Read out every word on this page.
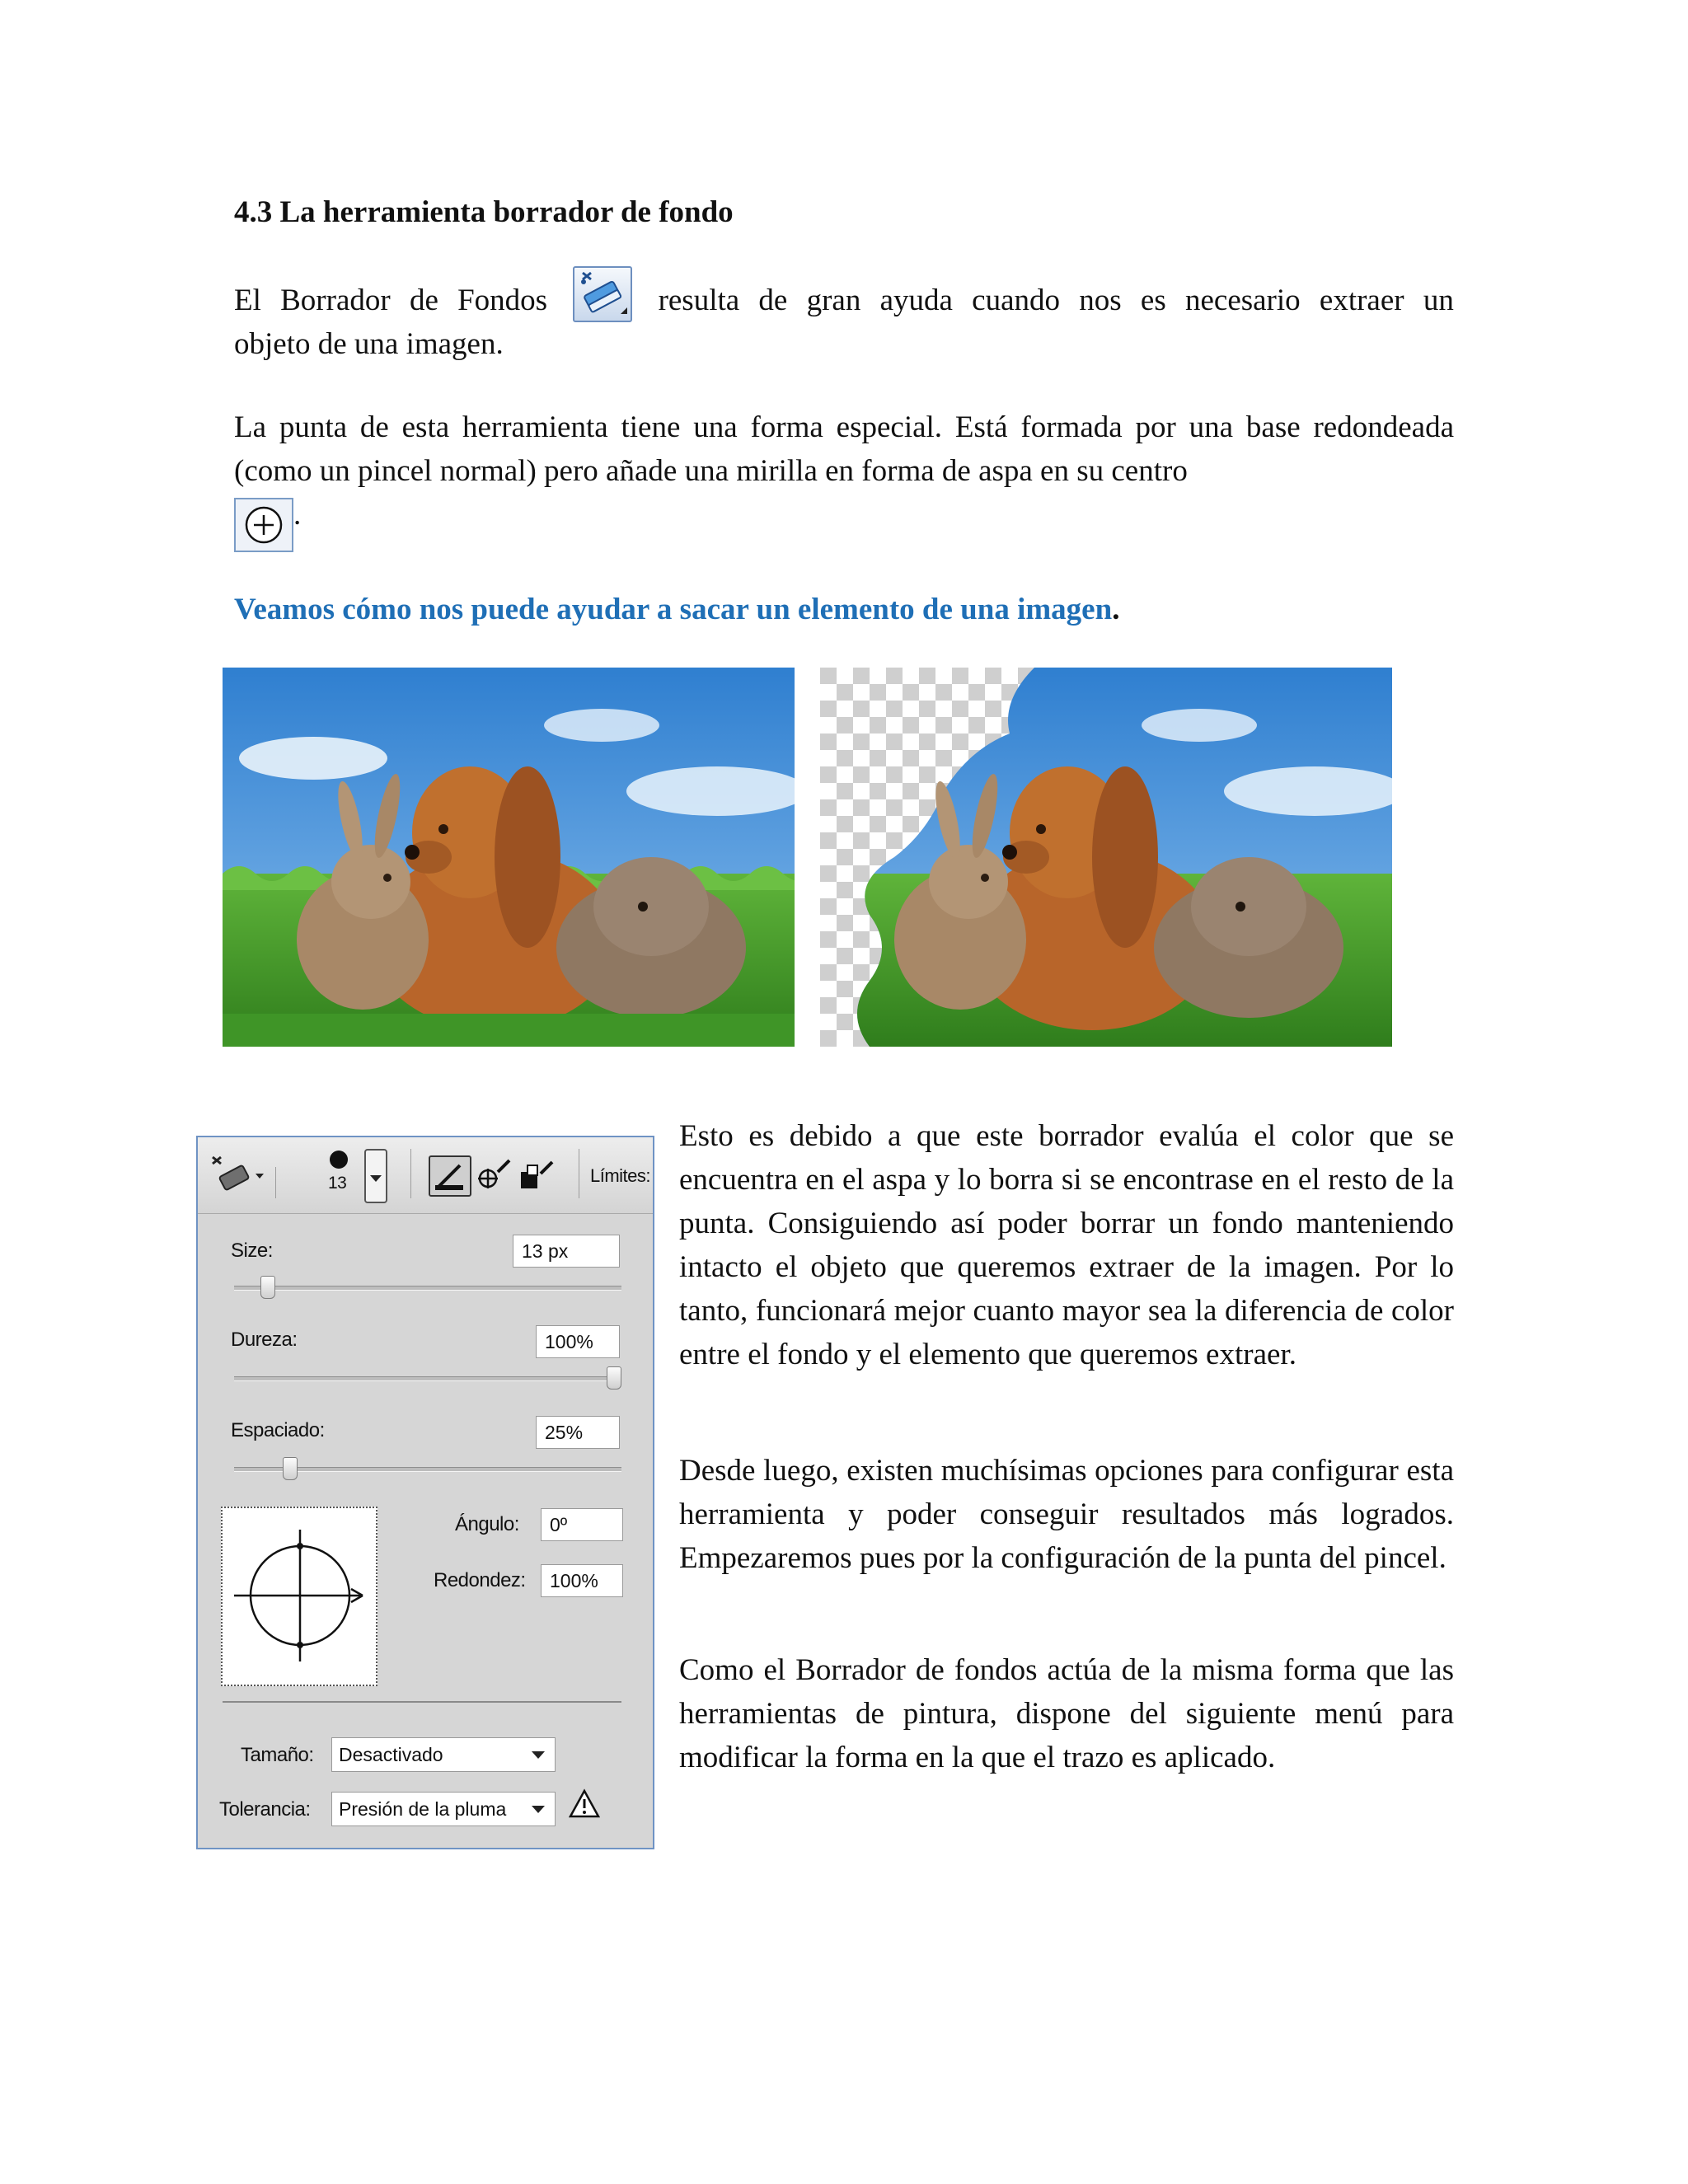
4.3 La herramienta borrador de fondo
El Borrador de Fondos	resulta de gran ayuda cuando nos es necesario extraer un
objeto de una imagen.
La punta de esta herramienta tiene una forma especial. Está formada por una base redondeada (como un pincel normal) pero añade una mirilla en forma de aspa en su centro
.
Veamos cómo nos puede ayudar a sacar un elemento de una imagen.
13	Límites:
Size:	13 px
Dureza:	100%
Espaciado:	25%
Ángulo:	0º
Redondez:	100%
Tamaño:	Desactivado
Tolerancia:	Presión de la pluma
Esto es debido a que este borrador evalúa el color que se encuentra en el aspa y lo borra si se encontrase en el resto de la punta. Consiguiendo así poder borrar un fondo manteniendo intacto el objeto que queremos extraer de la imagen. Por lo tanto, funcionará mejor cuanto mayor sea la diferencia de color entre el fondo y el elemento que queremos extraer.
Desde luego, existen muchísimas opciones para configurar esta herramienta y poder conseguir resultados más logrados. Empezaremos pues por la configuración de la punta del pincel.
Como el Borrador de fondos actúa de la misma forma que las herramientas de pintura, dispone del siguiente menú para modificar la forma en la que el trazo es aplicado.
